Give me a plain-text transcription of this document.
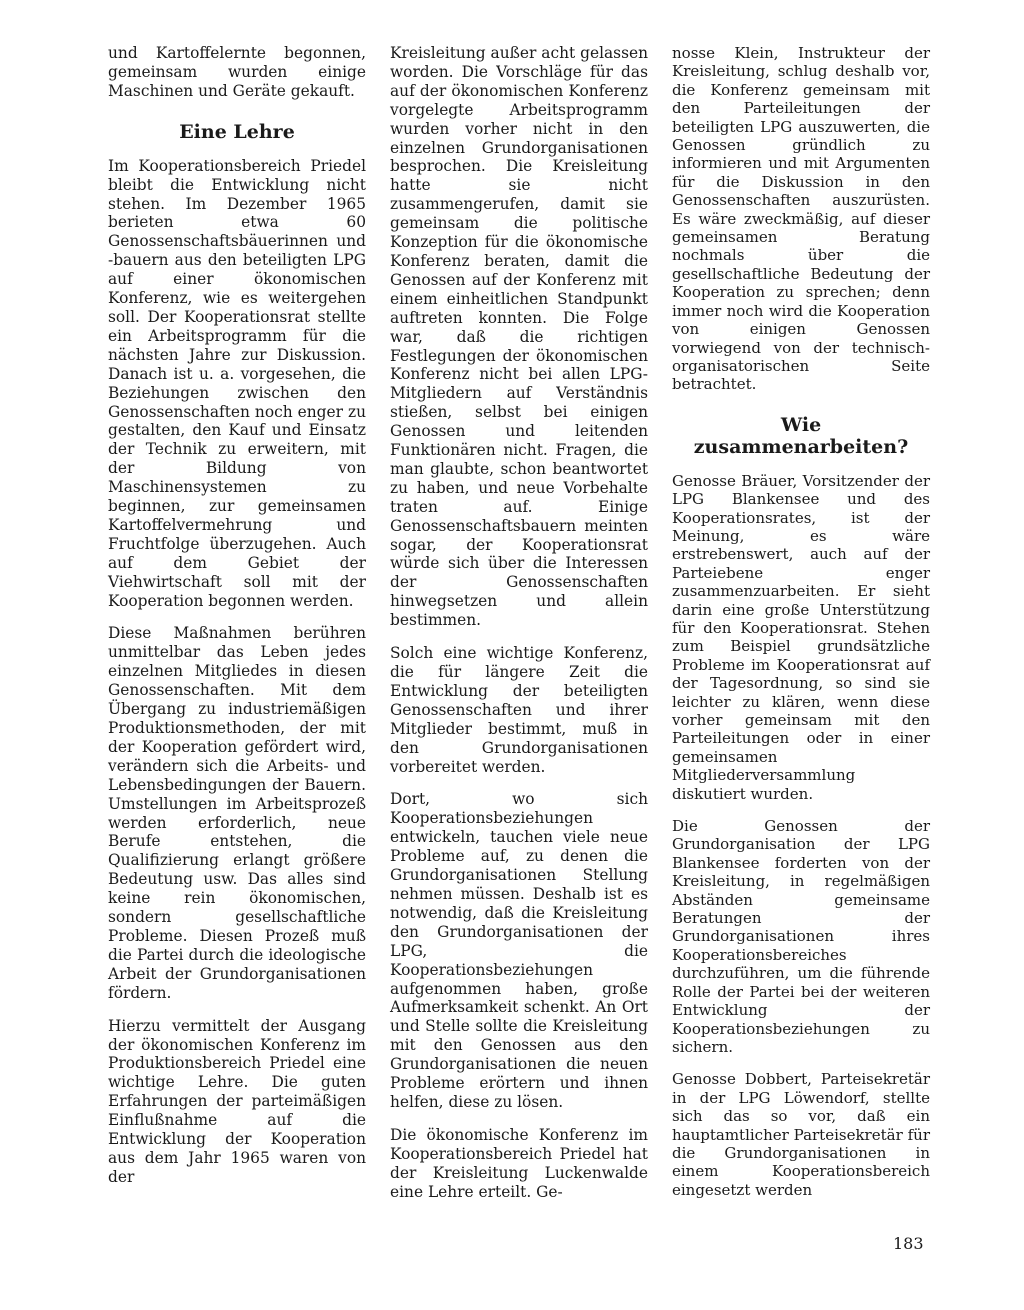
und Kartoffelernte begonnen, gemeinsam wurden einige Maschinen und Geräte gekauft.

Eine Lehre

Im Kooperationsbereich Priedel bleibt die Entwicklung nicht stehen. Im Dezember 1965 berieten etwa 60 Genossenschaftsbäuerinnen und -bauern aus den beteiligten LPG auf einer ökonomischen Konferenz, wie es weitergehen soll. Der Kooperationsrat stellte ein Arbeitsprogramm für die nächsten Jahre zur Diskussion. Danach ist u. a. vorgesehen, die Beziehungen zwischen den Genossenschaften noch enger zu gestalten, den Kauf und Einsatz der Technik zu erweitern, mit der Bildung von Maschinensystemen zu beginnen, zur gemeinsamen Kartoffelvermehrung und Fruchtfolge überzugehen. Auch auf dem Gebiet der Viehwirtschaft soll mit der Kooperation begonnen werden.

Diese Maßnahmen berühren unmittelbar das Leben jedes einzelnen Mitgliedes in diesen Genossenschaften. Mit dem Übergang zu industriemäßigen Produktionsmethoden, der mit der Kooperation gefördert wird, verändern sich die Arbeits- und Lebensbedingungen der Bauern. Umstellungen im Arbeitsprozeß werden erforderlich, neue Berufe entstehen, die Qualifizierung erlangt größere Bedeutung usw. Das alles sind keine rein ökonomischen, sondern gesellschaftliche Probleme. Diesen Prozeß muß die Partei durch die ideologische Arbeit der Grundorganisationen fördern.

Hierzu vermittelt der Ausgang der ökonomischen Konferenz im Produktionsbereich Priedel eine wichtige Lehre. Die guten Erfahrungen der parteimäßigen Einflußnahme auf die Entwicklung der Kooperation aus dem Jahr 1965 waren von der

Kreisleitung außer acht gelassen worden. Die Vorschläge für das auf der ökonomischen Konferenz vorgelegte Arbeitsprogramm wurden vorher nicht in den einzelnen Grundorganisationen besprochen. Die Kreisleitung hatte sie nicht zusammengerufen, damit sie gemeinsam die politische Konzeption für die ökonomische Konferenz beraten, damit die Genossen auf der Konferenz mit einem einheitlichen Standpunkt auftreten konnten. Die Folge war, daß die richtigen Festlegungen der ökonomischen Konferenz nicht bei allen LPG-Mitgliedern auf Verständnis stießen, selbst bei einigen Genossen und leitenden Funktionären nicht. Fragen, die man glaubte, schon beantwortet zu haben, und neue Vorbehalte traten auf. Einige Genossenschaftsbauern meinten sogar, der Kooperationsrat würde sich über die Interessen der Genossenschaften hinwegsetzen und allein bestimmen.

Solch eine wichtige Konferenz, die für längere Zeit die Entwicklung der beteiligten Genossenschaften und ihrer Mitglieder bestimmt, muß in den Grundorganisationen vorbereitet werden.

Dort, wo sich Kooperationsbeziehungen entwickeln, tauchen viele neue Probleme auf, zu denen die Grundorganisationen Stellung nehmen müssen. Deshalb ist es notwendig, daß die Kreisleitung den Grundorganisationen der LPG, die Kooperationsbeziehungen aufgenommen haben, große Aufmerksamkeit schenkt. An Ort und Stelle sollte die Kreisleitung mit den Genossen aus den Grundorganisationen die neuen Probleme erörtern und ihnen helfen, diese zu lösen.

Die ökonomische Konferenz im Kooperationsbereich Priedel hat der Kreisleitung Luckenwalde eine Lehre erteilt. Ge-

nosse Klein, Instrukteur der Kreisleitung, schlug deshalb vor, die Konferenz gemeinsam mit den Parteileitungen der beteiligten LPG auszuwerten, die Genossen gründlich zu informieren und mit Argumenten für die Diskussion in den Genossenschaften auszurüsten. Es wäre zweckmäßig, auf dieser gemeinsamen Beratung nochmals über die gesellschaftliche Bedeutung der Kooperation zu sprechen; denn immer noch wird die Kooperation von einigen Genossen vorwiegend von der technisch-organisatorischen Seite betrachtet.

Wie zusammenarbeiten?

Genosse Bräuer, Vorsitzender der LPG Blankensee und des Kooperationsrates, ist der Meinung, es wäre erstrebenswert, auch auf der Parteiebene enger zusammenzuarbeiten. Er sieht darin eine große Unterstützung für den Kooperationsrat. Stehen zum Beispiel grundsätzliche Probleme im Kooperationsrat auf der Tagesordnung, so sind sie leichter zu klären, wenn diese vorher gemeinsam mit den Parteileitungen oder in einer gemeinsamen Mitgliederversammlung diskutiert wurden.

Die Genossen der Grundorganisation der LPG Blankensee forderten von der Kreisleitung, in regelmäßigen Abständen gemeinsame Beratungen der Grundorganisationen ihres Kooperationsbereiches durchzuführen, um die führende Rolle der Partei bei der weiteren Entwicklung der Kooperationsbeziehungen zu sichern.

Genosse Dobbert, Parteisekretär in der LPG Löwendorf, stellte sich das so vor, daß ein hauptamtlicher Parteisekretär für die Grundorganisationen in einem Kooperationsbereich eingesetzt werden

183
